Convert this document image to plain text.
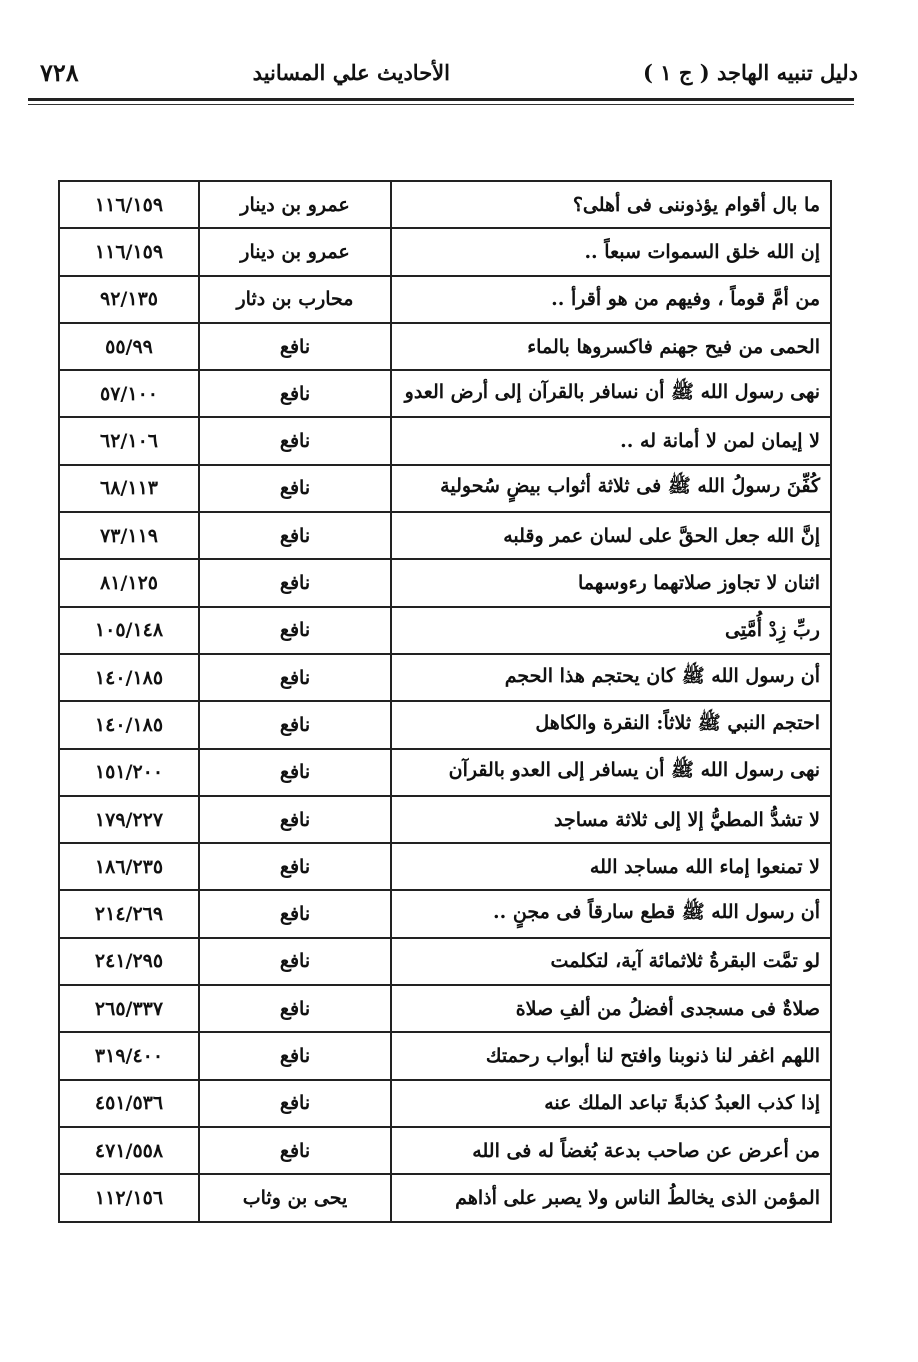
دليل تنبيه الهاجد ( ج ١ )
الأحاديث علي المسانيد
٧٢٨
ما بال أقوام يؤذوننى فى أهلى؟	عمرو بن دينار	١١٦/١٥٩
إن الله خلق السموات سبعاً ..	عمرو بن دينار	١١٦/١٥٩
من أمَّ قوماً ، وفيهم من هو أقرأ ..	محارب بن دثار	٩٢/١٣٥
الحمى من فيح جهنم فاكسروها بالماء	نافع	٥٥/٩٩
نهى رسول الله ﷺ أن نسافر بالقرآن إلى أرض العدو	نافع	٥٧/١٠٠
لا إيمان لمن لا أمانة له ..	نافع	٦٢/١٠٦
كُفِّنَ رسولُ الله ﷺ فى ثلاثة أثواب بيضٍ سُحولية	نافع	٦٨/١١٣
إنَّ الله جعل الحقَّ على لسان عمر وقلبه	نافع	٧٣/١١٩
اثنان لا تجاوز صلاتهما رءوسهما	نافع	٨١/١٢٥
ربِّ زِدْ أُمَّتِى	نافع	١٠٥/١٤٨
أن رسول الله ﷺ كان يحتجم هذا الحجم	نافع	١٤٠/١٨٥
احتجم النبي ﷺ ثلاثاً: النقرة والكاهل	نافع	١٤٠/١٨٥
نهى رسول الله ﷺ أن يسافر إلى العدو بالقرآن	نافع	١٥١/٢٠٠
لا تشدُّ المطيُّ إلا إلى ثلاثة مساجد	نافع	١٧٩/٢٢٧
لا تمنعوا إماء الله مساجد الله	نافع	١٨٦/٢٣٥
أن رسول الله ﷺ قطع سارقاً فى مجنٍ ..	نافع	٢١٤/٢٦٩
لو تمَّت البقرةُ ثلاثمائة آية، لتكلمت	نافع	٢٤١/٢٩٥
صلاةٌ فى مسجدى أفضلُ من ألفِ صلاة	نافع	٢٦٥/٣٣٧
اللهم اغفر لنا ذنوبنا وافتح لنا أبواب رحمتك	نافع	٣١٩/٤٠٠
إذا كذب العبدُ كذبةً تباعد الملك عنه	نافع	٤٥١/٥٣٦
من أعرض عن صاحب بدعة بُغضاً له فى الله	نافع	٤٧١/٥٥٨
المؤمن الذى يخالطُ الناس ولا يصبر على أذاهم	يحى بن وثاب	١١٢/١٥٦
